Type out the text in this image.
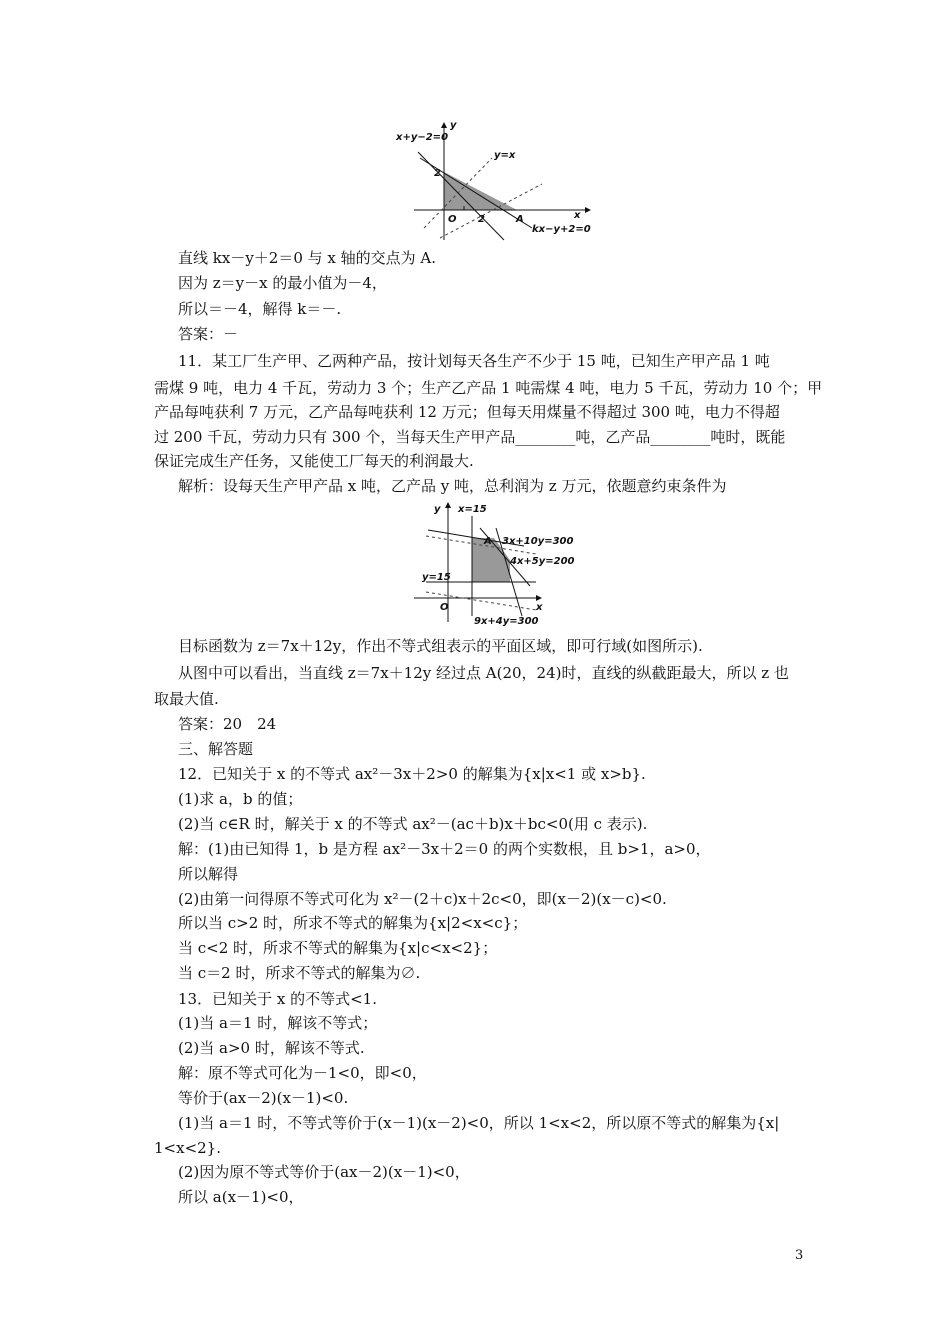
x+y−2=0
y
y=x
2
O 2	A	x
kx−y+2=0
y x=15
A 3x+10y=300
4x+5y=200
y=15
O	x
9x+4y=300
直线 kx－y＋2＝0 与 x 轴的交点为 A.
因为 z＝y－x 的最小值为－4，
所以＝－4，解得 k＝－.
答案：－
11．某工厂生产甲、乙两种产品，按计划每天各生产不少于 15 吨，已知生产甲产品 1 吨
需煤 9 吨，电力 4 千瓦，劳动力 3 个；生产乙产品 1 吨需煤 4 吨，电力 5 千瓦，劳动力 10 个；甲
产品每吨获利 7 万元，乙产品每吨获利 12 万元；但每天用煤量不得超过 300 吨，电力不得超
过 200 千瓦，劳动力只有 300 个，当每天生产甲产品________吨，乙产品________吨时，既能
保证完成生产任务，又能使工厂每天的利润最大.
解析：设每天生产甲产品 x 吨，乙产品 y 吨，总利润为 z 万元，依题意约束条件为
目标函数为 z＝7x＋12y，作出不等式组表示的平面区域，即可行域(如图所示).
从图中可以看出，当直线 z＝7x＋12y 经过点 A(20，24)时，直线的纵截距最大，所以 z 也
取最大值.
答案：20　24
三、解答题
12．已知关于 x 的不等式 ax²－3x＋2>0 的解集为{x|x<1 或 x>b}.
(1)求 a，b 的值；
(2)当 c∈R 时，解关于 x 的不等式 ax²－(ac＋b)x＋bc<0(用 c 表示).
解：(1)由已知得 1，b 是方程 ax²－3x＋2＝0 的两个实数根，且 b>1，a>0，
所以解得
(2)由第一问得原不等式可化为 x²－(2＋c)x＋2c<0，即(x－2)(x－c)<0.
所以当 c>2 时，所求不等式的解集为{x|2<x<c}；
当 c<2 时，所求不等式的解集为{x|c<x<2}；
当 c＝2 时，所求不等式的解集为∅.
13．已知关于 x 的不等式<1.
(1)当 a＝1 时，解该不等式；
(2)当 a>0 时，解该不等式.
解：原不等式可化为－1<0，即<0，
等价于(ax－2)(x－1)<0.
(1)当 a＝1 时，不等式等价于(x－1)(x－2)<0，所以 1<x<2，所以原不等式的解集为{x|
1<x<2}.
(2)因为原不等式等价于(ax－2)(x－1)<0，
所以 a(x－1)<0，
3
